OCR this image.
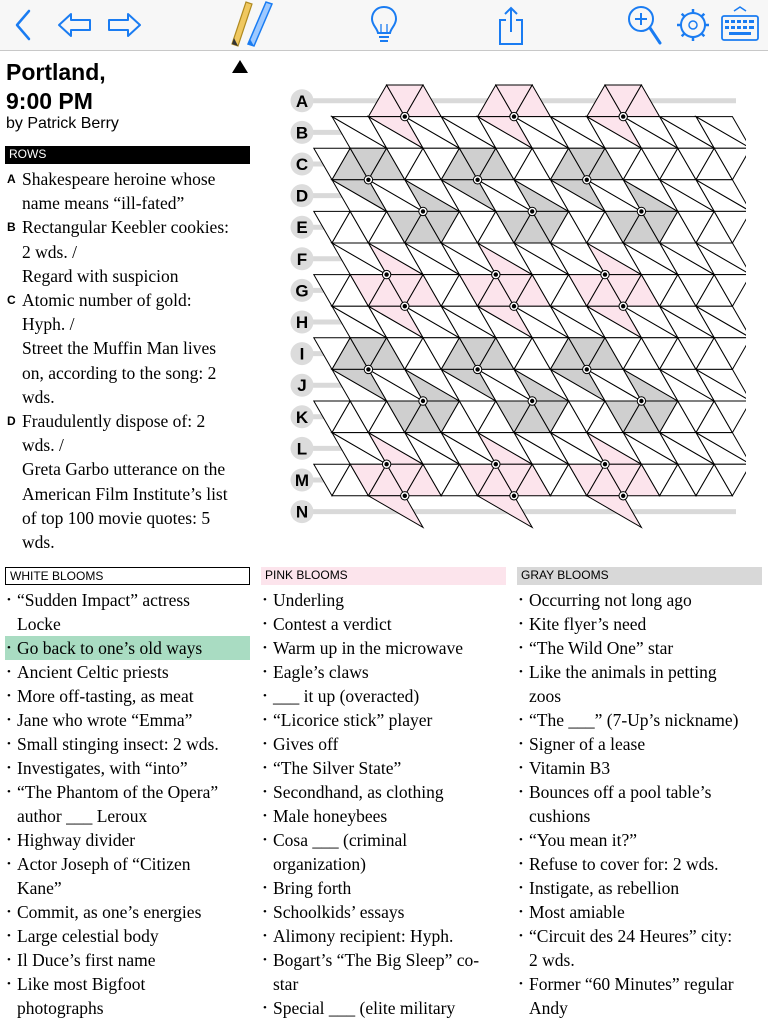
Portland,
9:00 PM
by Patrick Berry
ROWS
A Shakespeare heroine whose
name means “ill-fated”
B Rectangular Keebler cookies:
2 wds. /
Regard with suspicion
C Atomic number of gold:
Hyph. /
Street the Muffin Man lives
on, according to the song: 2
wds.
D Fraudulently dispose of: 2
wds. /
Greta Garbo utterance on the
American Film Institute’s list
of top 100 movie quotes: 5
wds.
A
B
C
D
E
F
G
H
I
J
K
L
M
N
WHITE BLOOMS
• “Sudden Impact” actress
Locke
• Go back to one’s old ways
• Ancient Celtic priests
• More off-tasting, as meat
• Jane who wrote “Emma”
• Small stinging insect: 2 wds.
• Investigates, with “into”
• “The Phantom of the Opera”
author ___ Leroux
• Highway divider
• Actor Joseph of “Citizen
Kane”
• Commit, as one’s energies
• Large celestial body
• Il Duce’s first name
• Like most Bigfoot
photographs
PINK BLOOMS
• Underling
• Contest a verdict
• Warm up in the microwave
• Eagle’s claws
• ___ it up (overacted)
• “Licorice stick” player
• Gives off
• “The Silver State”
• Secondhand, as clothing
• Male honeybees
• Cosa ___ (criminal
organization)
• Bring forth
• Schoolkids’ essays
• Alimony recipient: Hyph.
• Bogart’s “The Big Sleep” co-
star
• Special ___ (elite military
GRAY BLOOMS
• Occurring not long ago
• Kite flyer’s need
• “The Wild One” star
• Like the animals in petting
zoos
• “The ___” (7-Up’s nickname)
• Signer of a lease
• Vitamin B3
• Bounces off a pool table’s
cushions
• “You mean it?”
• Refuse to cover for: 2 wds.
• Instigate, as rebellion
• Most amiable
• “Circuit des 24 Heures” city:
2 wds.
• Former “60 Minutes” regular
Andy
